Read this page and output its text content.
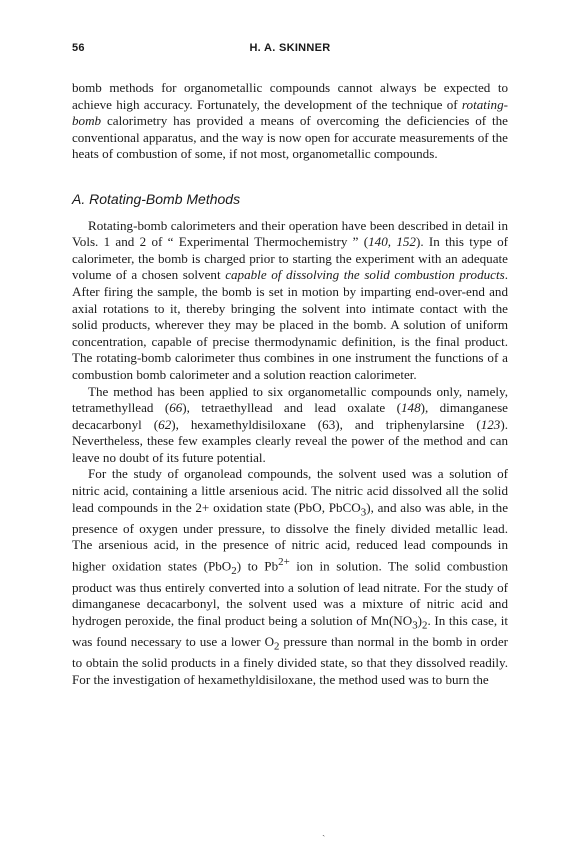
56	H. A. SKINNER

bomb methods for organometallic compounds cannot always be expected to achieve high accuracy. Fortunately, the development of the technique of rotating-bomb calorimetry has provided a means of overcoming the deficiencies of the conventional apparatus, and the way is now open for accurate measurements of the heats of combustion of some, if not most, organometallic compounds.

A. Rotating-Bomb Methods

Rotating-bomb calorimeters and their operation have been described in detail in Vols. 1 and 2 of “ Experimental Thermochemistry ” (140, 152). In this type of calorimeter, the bomb is charged prior to starting the experiment with an adequate volume of a chosen solvent capable of dissolving the solid combustion products. After firing the sample, the bomb is set in motion by imparting end-over-end and axial rotations to it, thereby bringing the solvent into intimate contact with the solid products, wherever they may be placed in the bomb. A solution of uniform concentration, capable of precise thermodynamic definition, is the final product. The rotating-bomb calorimeter thus combines in one instrument the functions of a combustion bomb calorimeter and a solution reaction calorimeter.

The method has been applied to six organometallic compounds only, namely, tetramethyllead (66), tetraethyllead and lead oxalate (148), dimanganese decacarbonyl (62), hexamethyldisiloxane (63), and triphenylarsine (123). Nevertheless, these few examples clearly reveal the power of the method and can leave no doubt of its future potential.

For the study of organolead compounds, the solvent used was a solution of nitric acid, containing a little arsenious acid. The nitric acid dissolved all the solid lead compounds in the 2+ oxidation state (PbO, PbCO$_3$), and also was able, in the presence of oxygen under pressure, to dissolve the finely divided metallic lead. The arsenious acid, in the presence of nitric acid, reduced lead compounds in higher oxidation states (PbO$_2$) to $Pb^{2+}$ ion in solution. The solid combustion product was thus entirely converted into a solution of lead nitrate. For the study of dimanganese decacarbonyl, the solvent used was a mixture of nitric acid and hydrogen peroxide, the final product being a solution of $Mn(NO_3)_2$. In this case, it was found necessary to use a lower $O_2$ pressure than normal in the bomb in order to obtain the solid products in a finely divided state, so that they dissolved readily. For the investigation of hexamethyldisiloxane, the method used was to burn the

ˏ
